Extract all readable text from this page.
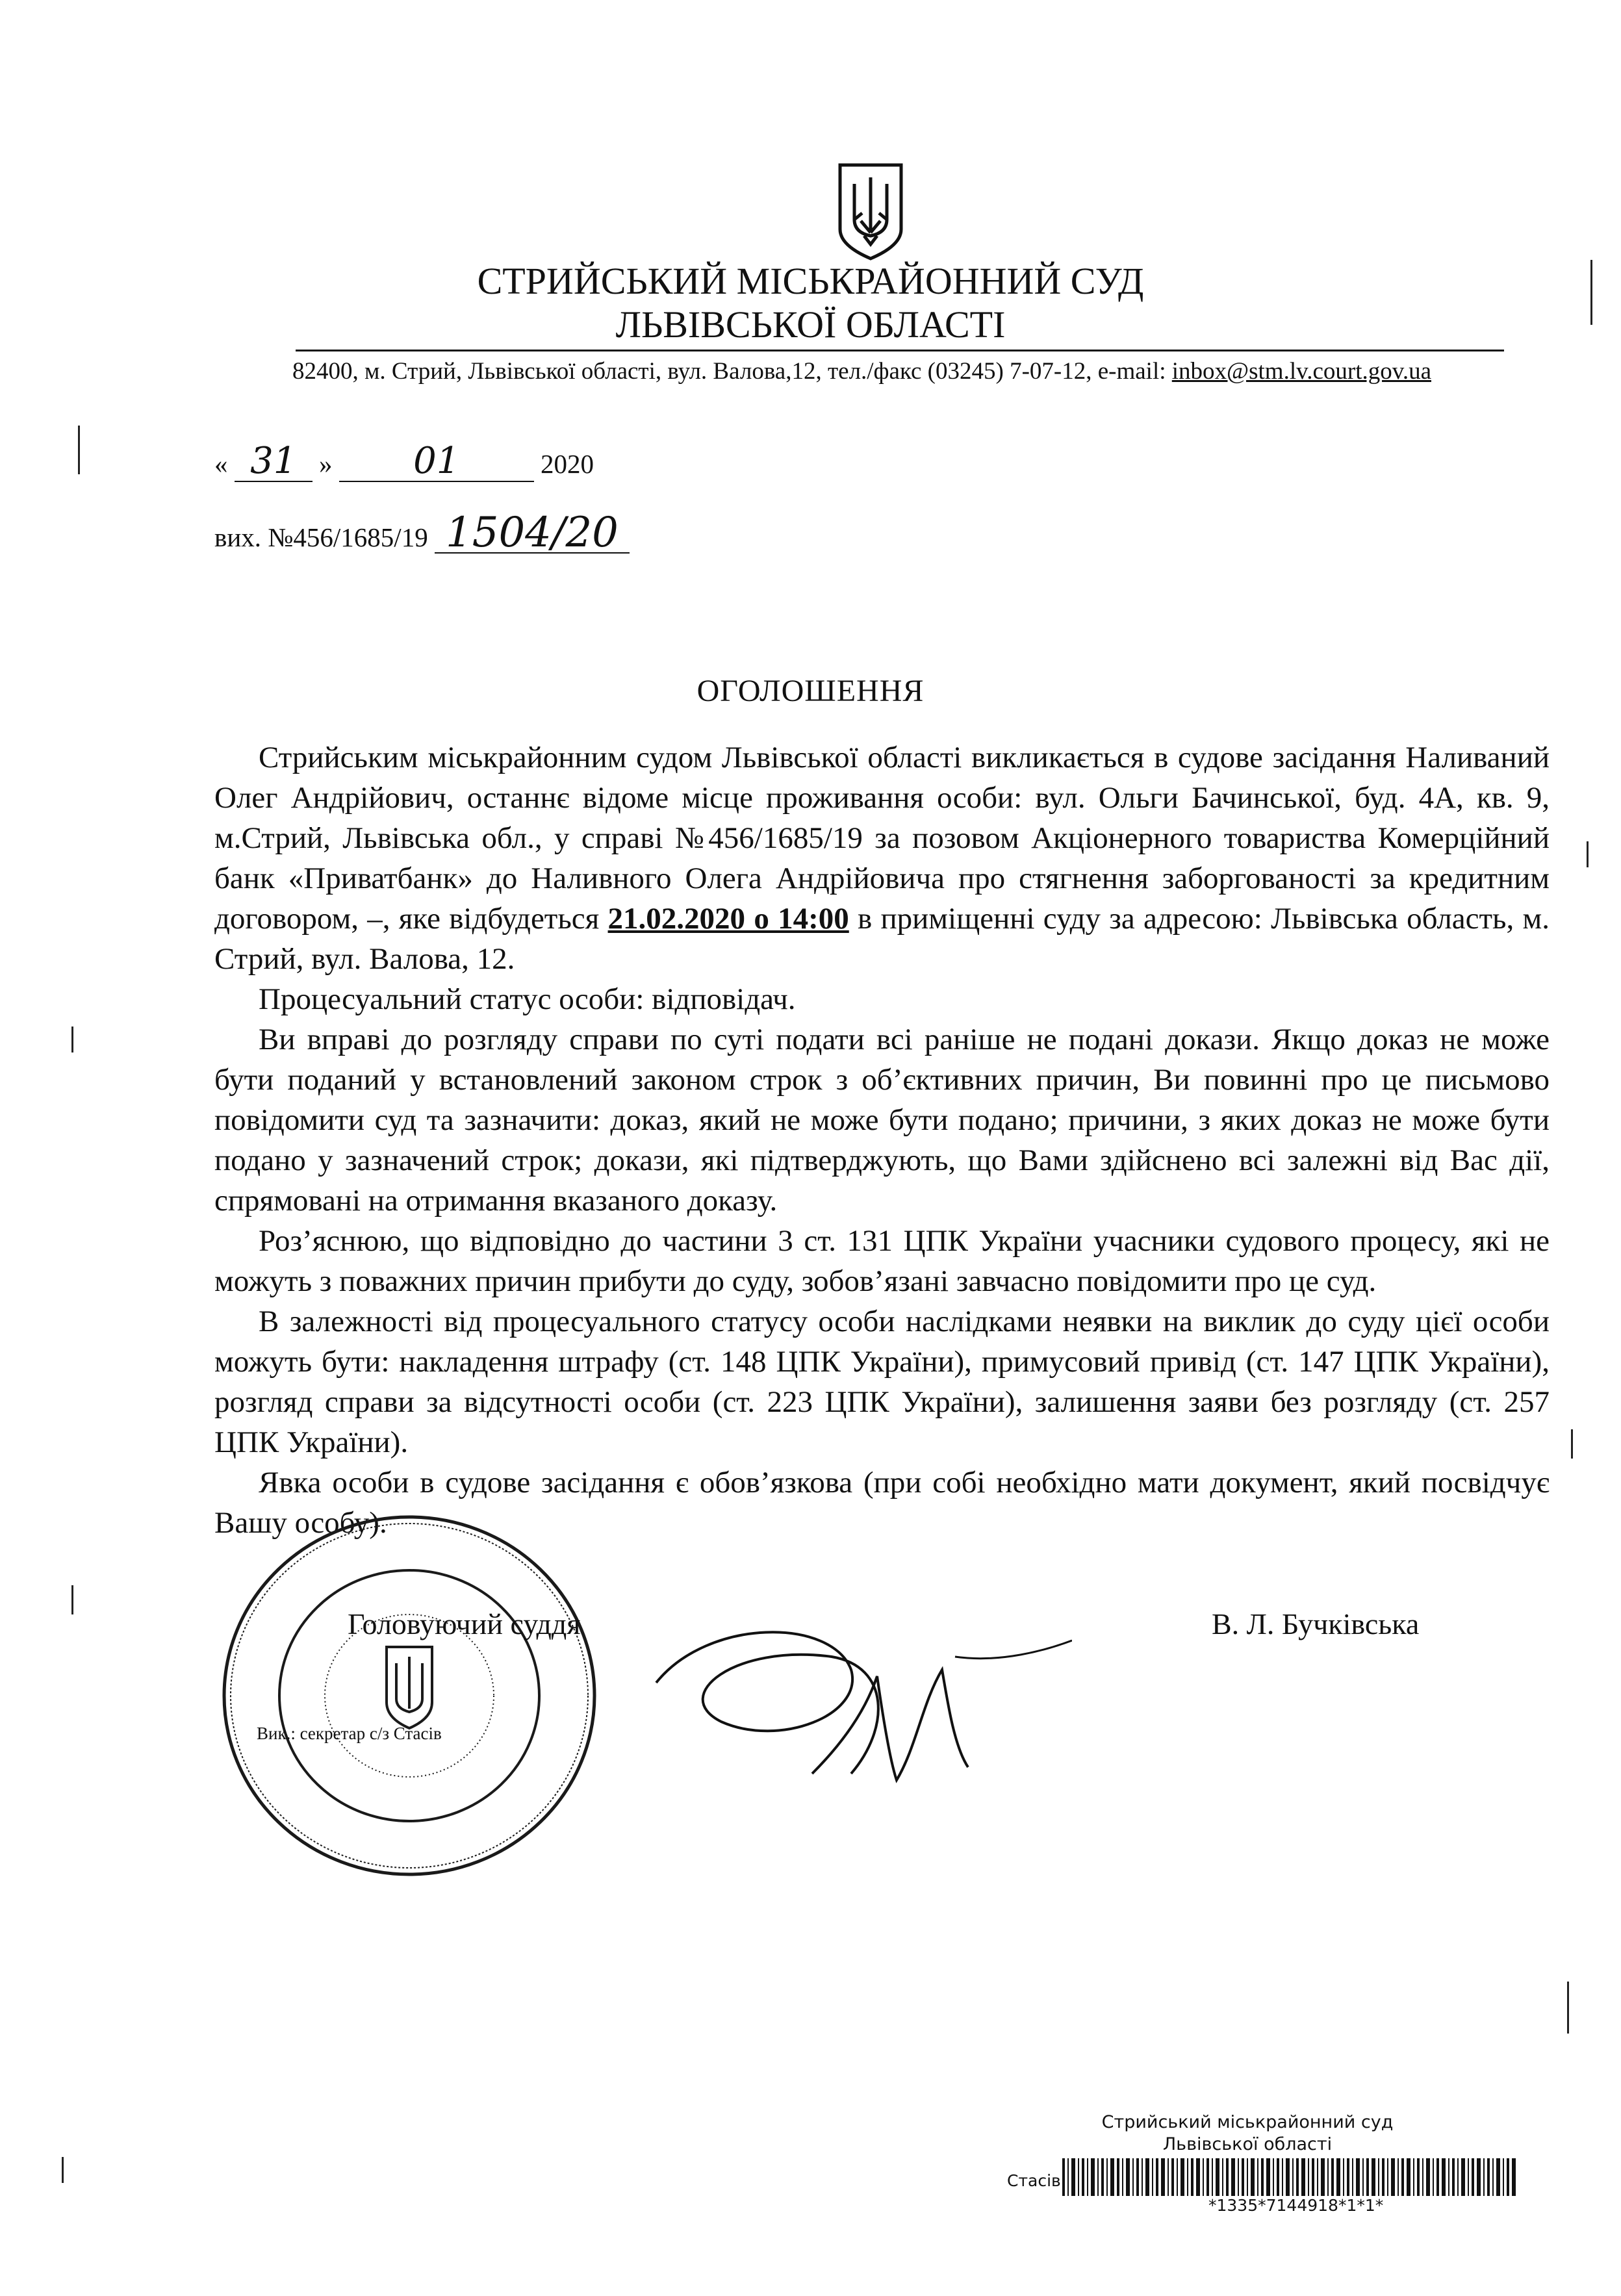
СТРИЙСЬКИЙ МІСЬКРАЙОННИЙ СУД
ЛЬВІВСЬКОЇ ОБЛАСТІ
82400, м. Стрий, Львівської області, вул. Валова,12, тел./факс (03245) 7-07-12, e-mail: inbox@stm.lv.court.gov.ua
« 31 » 01	2020
вих. №456/1685/19 1504/20
ОГОЛОШЕННЯ

Стрийським міськрайонним судом Львівської області викликається в судове засідання Наливаний Олег Андрійович, останнє відоме місце проживання особи: вул. Ольги Бачинської, буд. 4А, кв. 9, м.Стрий, Львівська обл., у справі №456/1685/19 за позовом Акціонерного товариства Комерційний банк «Приватбанк» до Наливного Олега Андрійовича про стягнення заборгованості за кредитним договором, –, яке відбудеться 21.02.2020 о 14:00 в приміщенні суду за адресою: Львівська область, м. Стрий, вул. Валова, 12.

Процесуальний статус особи: відповідач.

Ви вправі до розгляду справи по суті подати всі раніше не подані докази. Якщо доказ не може бути поданий у встановлений законом строк з об’єктивних причин, Ви повинні про це письмово повідомити суд та зазначити: доказ, який не може бути подано; причини, з яких доказ не може бути подано у зазначений строк; докази, які підтверджують, що Вами здійснено всі залежні від Вас дії, спрямовані на отримання вказаного доказу.

Роз’яснюю, що відповідно до частини 3 ст. 131 ЦПК України учасники судового процесу, які не можуть з поважних причин прибути до суду, зобов’язані завчасно повідомити про це суд.

В залежності від процесуального статусу особи наслідками неявки на виклик до суду цієї особи можуть бути: накладення штрафу (ст. 148 ЦПК України), примусовий привід (ст. 147 ЦПК України), розгляд справи за відсутності особи (ст. 223 ЦПК України), залишення заяви без розгляду (ст. 257 ЦПК України).

Явка особи в судове засідання є обов’язкова (при собі необхідно мати документ, який посвідчує Вашу особу).

Головуючий суддя	В. Л. Бучківська
Вик.: секретар с/з Стасів
Стрийський міськрайонний суд
Львівської області
Стасів
*1335*7144918*1*1*
